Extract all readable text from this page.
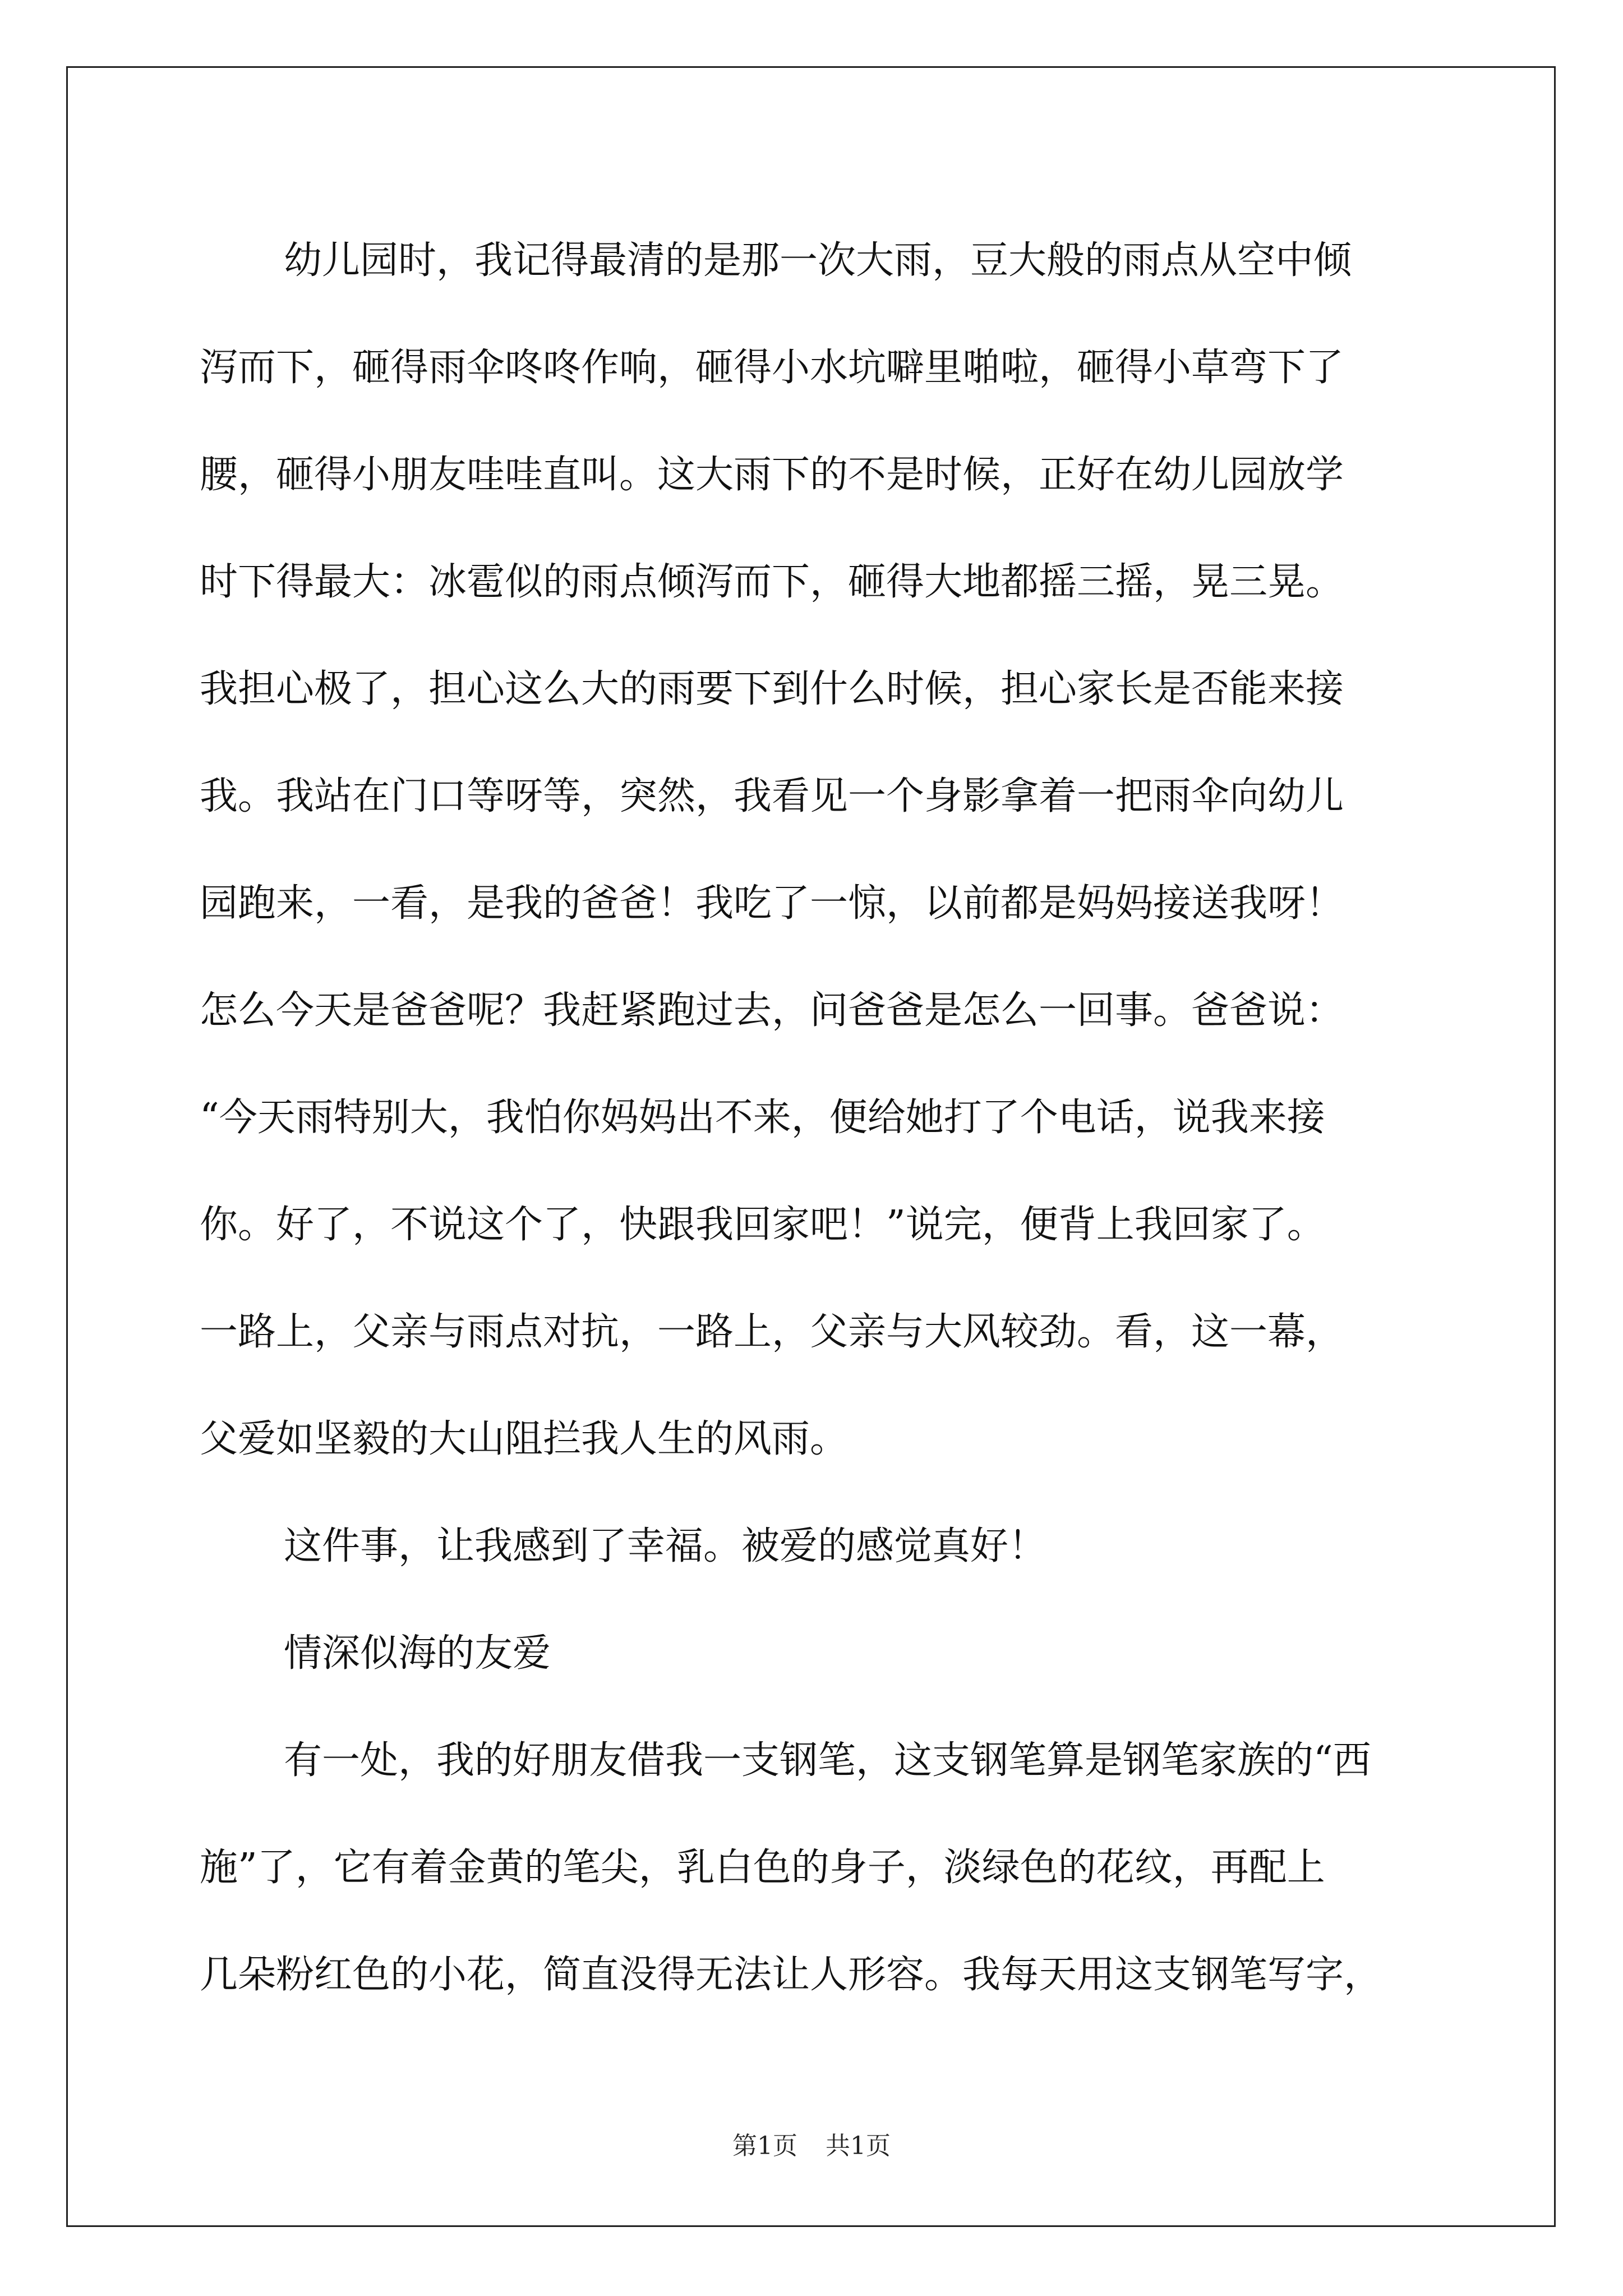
幼儿园时，我记得最清的是那一次大雨，豆大般的雨点从空中倾
泻而下，砸得雨伞咚咚作响，砸得小水坑噼里啪啦，砸得小草弯下了
腰，砸得小朋友哇哇直叫。这大雨下的不是时候，正好在幼儿园放学
时下得最大：冰雹似的雨点倾泻而下，砸得大地都摇三摇，晃三晃。
我担心极了，担心这么大的雨要下到什么时候，担心家长是否能来接
我。我站在门口等呀等，突然，我看见一个身影拿着一把雨伞向幼儿
园跑来，一看，是我的爸爸！我吃了一惊，以前都是妈妈接送我呀！
怎么今天是爸爸呢？我赶紧跑过去，问爸爸是怎么一回事。爸爸说：
“今天雨特别大，我怕你妈妈出不来，便给她打了个电话，说我来接
你。好了，不说这个了，快跟我回家吧！”说完，便背上我回家了。
一路上，父亲与雨点对抗，一路上，父亲与大风较劲。看，这一幕，
父爱如坚毅的大山阻拦我人生的风雨。
这件事，让我感到了幸福。被爱的感觉真好！
情深似海的友爱
有一处，我的好朋友借我一支钢笔，这支钢笔算是钢笔家族的“西
施”了，它有着金黄的笔尖，乳白色的身子，淡绿色的花纹，再配上
几朵粉红色的小花，简直没得无法让人形容。我每天用这支钢笔写字，
第1页 共1页
